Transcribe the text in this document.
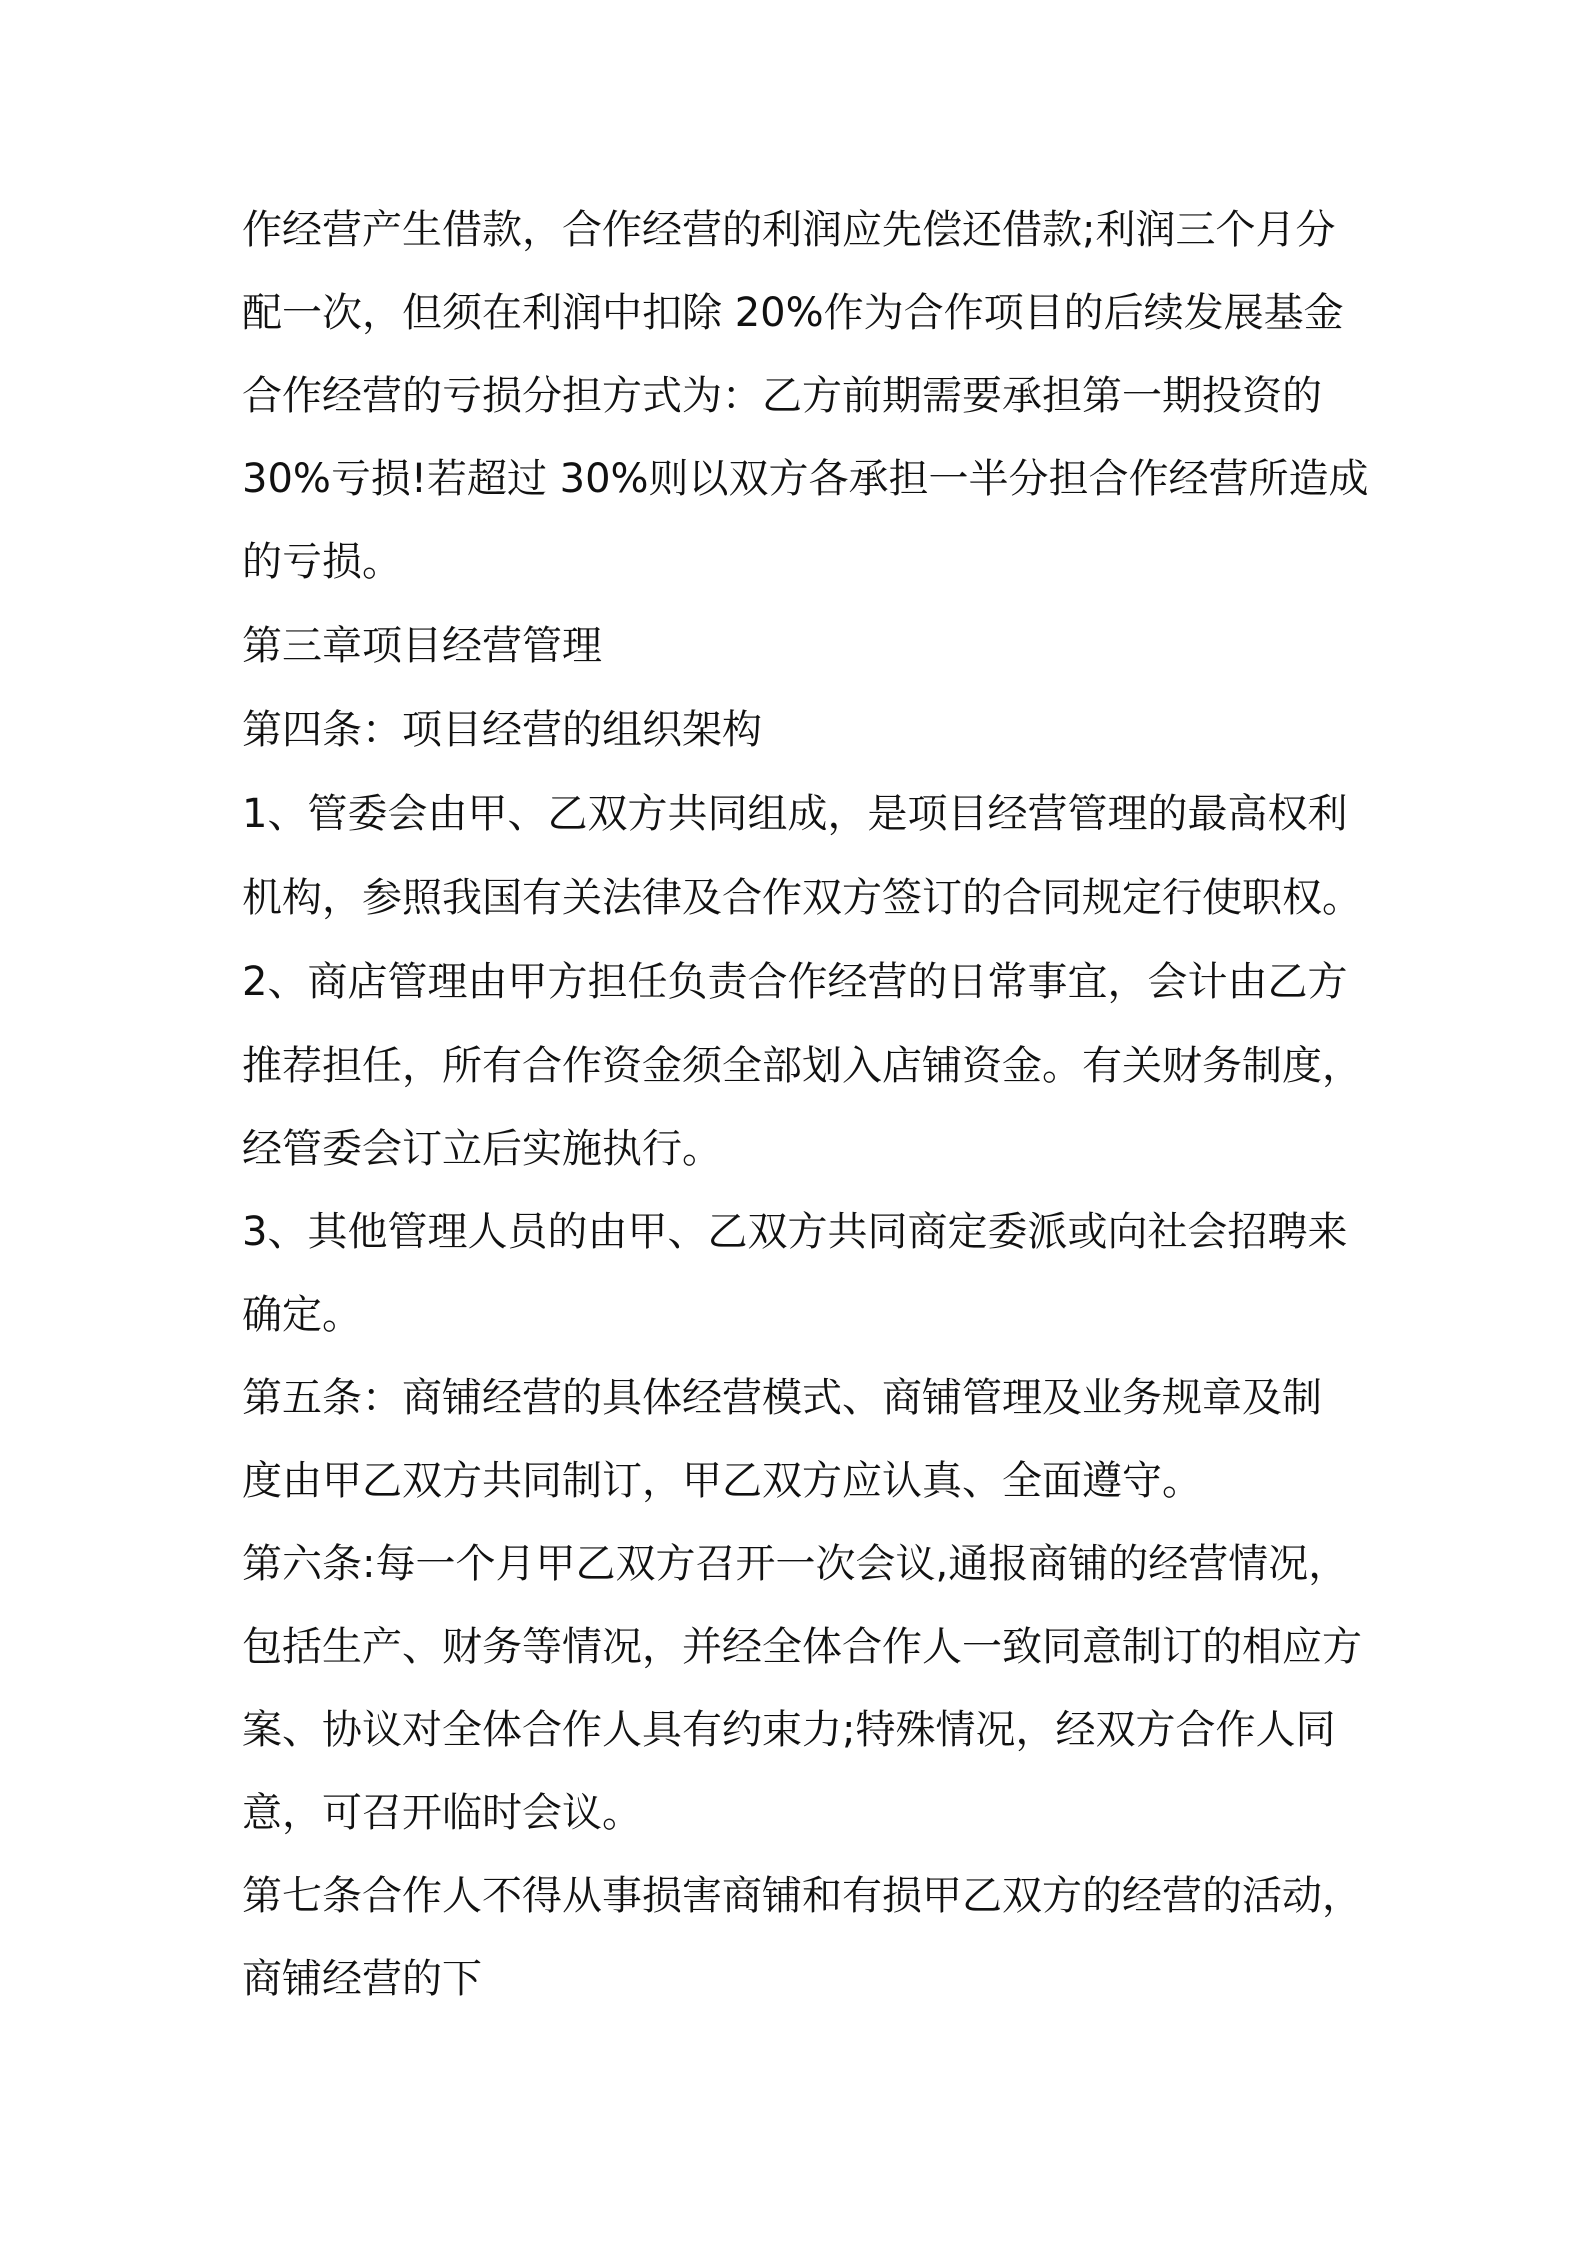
作经营产生借款，合作经营的利润应先偿还借款;利润三个月分
配一次，但须在利润中扣除 20%作为合作项目的后续发展基金
合作经营的亏损分担方式为：乙方前期需要承担第一期投资的
30%亏损!若超过 30%则以双方各承担一半分担合作经营所造成
的亏损。
第三章项目经营管理
第四条：项目经营的组织架构
1、管委会由甲、乙双方共同组成，是项目经营管理的最高权利
机构，参照我国有关法律及合作双方签订的合同规定行使职权。
2、商店管理由甲方担任负责合作经营的日常事宜，会计由乙方
推荐担任，所有合作资金须全部划入店铺资金。有关财务制度，
经管委会订立后实施执行。
3、其他管理人员的由甲、乙双方共同商定委派或向社会招聘来
确定。
第五条：商铺经营的具体经营模式、商铺管理及业务规章及制
度由甲乙双方共同制订，甲乙双方应认真、全面遵守。
第六条:每一个月甲乙双方召开一次会议,通报商铺的经营情况，
包括生产、财务等情况，并经全体合作人一致同意制订的相应方
案、协议对全体合作人具有约束力;特殊情况，经双方合作人同
意，可召开临时会议。
第七条合作人不得从事损害商铺和有损甲乙双方的经营的活动，
商铺经营的下
